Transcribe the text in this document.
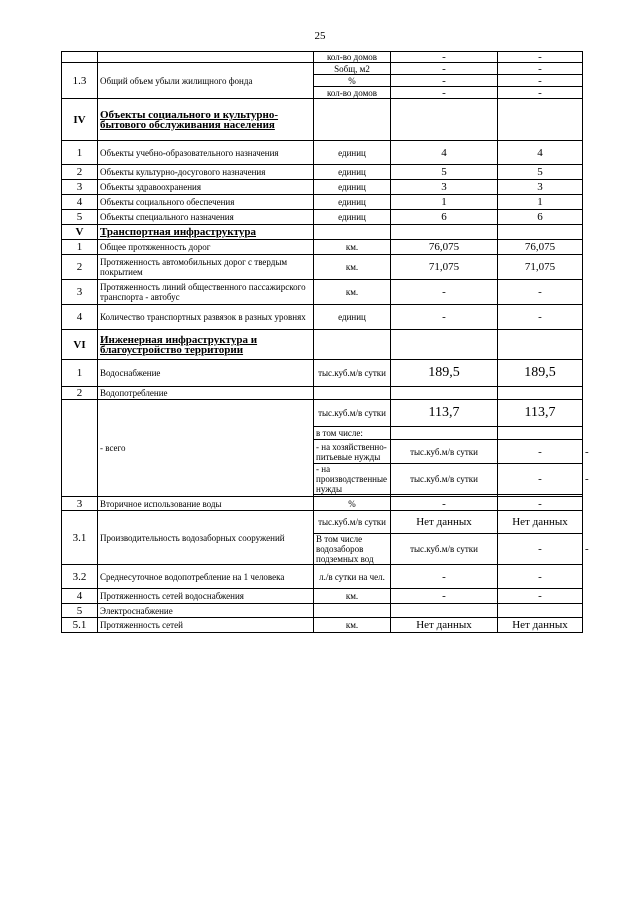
25
		кол-во домов	-	-	
1.3	Общий объем убыли жилищного фонда	Sобщ, м2	-	-	
		%	-	-	
		кол-во домов	-	-	
IV	Объекты социального и культурно-бытового обслуживания населения				
1	Объекты учебно-образовательного назначения	единиц	4	4	
2	Объекты культурно-досугового назначения	единиц	5	5	
3	Объекты здравоохранения	единиц	3	3	
4	Объекты социального обеспечения	единиц	1	1	
5	Объекты специального назначения	единиц	6	6	
V	Транспортная инфраструктура				
1	Общее протяженность дорог	км.	76,075	76,075	
2	Протяженность автомобильных дорог с твердым покрытием	км.	71,075	71,075	
3	Протяженность линий общественного пассажирского транспорта - автобус	км.	-	-	
4	Количество транспортных развязок в разных уровнях	единиц	-	-	
VI	Инженерная инфраструктура и благоустройство территории				
1	Водоснабжение	тыс.куб.м/в сутки	189,5	189,5	
2	Водопотребление				
	- всего	тыс.куб.м/в сутки	113,7	113,7	
		в том числе:			
		- на хозяйственно-питьевые нужды	тыс.куб.м/в сутки	-	-
		- на производственные нужды	тыс.куб.м/в сутки	-	-

3	Вторичное использование воды	%	-	-	
3.1	Производительность водозаборных сооружений	тыс.куб.м/в сутки	Нет данных	Нет данных	
		В том числе водозаборов подземных вод	тыс.куб.м/в сутки	-	-
3.2	Среднесуточное водопотребление на 1 человека	л./в сутки на чел.	-	-	
4	Протяженность сетей водоснабжения	км.	-	-	
5	Электроснабжение				
5.1	Протяженность сетей	км.	Нет данных	Нет данных	
